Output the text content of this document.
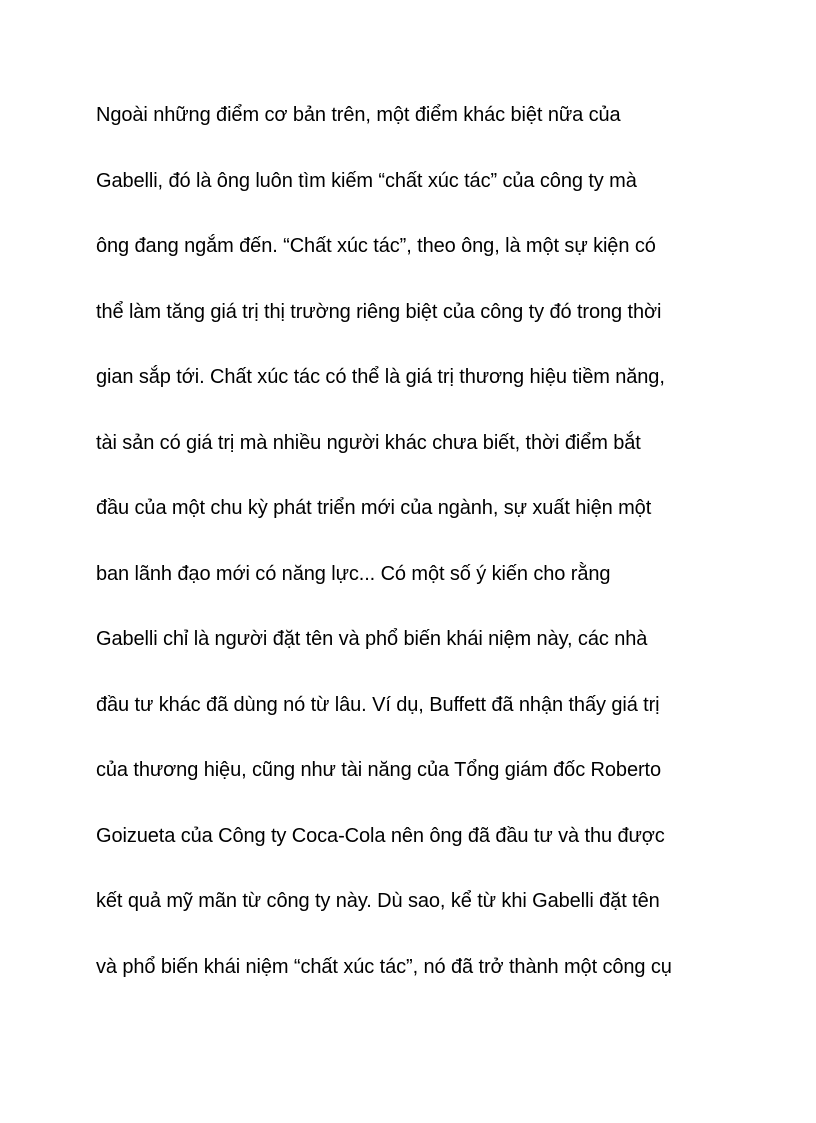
Ngoài những điểm cơ bản trên, một điểm khác biệt nữa của
Gabelli, đó là ông luôn tìm kiếm “chất xúc tác” của công ty mà
ông đang ngắm đến. “Chất xúc tác”, theo ông, là một sự kiện có
thể làm tăng giá trị thị trường riêng biệt của công ty đó trong thời
gian sắp tới. Chất xúc tác có thể là giá trị thương hiệu tiềm năng,
tài sản có giá trị mà nhiều người khác chưa biết, thời điểm bắt
đầu của một chu kỳ phát triển mới của ngành, sự xuất hiện một
ban lãnh đạo mới có năng lực... Có một số ý kiến cho rằng
Gabelli chỉ là người đặt tên và phổ biến khái niệm này, các nhà
đầu tư khác đã dùng nó từ lâu. Ví dụ, Buffett đã nhận thấy giá trị
của thương hiệu, cũng như tài năng của Tổng giám đốc Roberto
Goizueta của Công ty Coca-Cola nên ông đã đầu tư và thu được
kết quả mỹ mãn từ công ty này. Dù sao, kể từ khi Gabelli đặt tên
và phổ biến khái niệm “chất xúc tác”, nó đã trở thành một công cụ
